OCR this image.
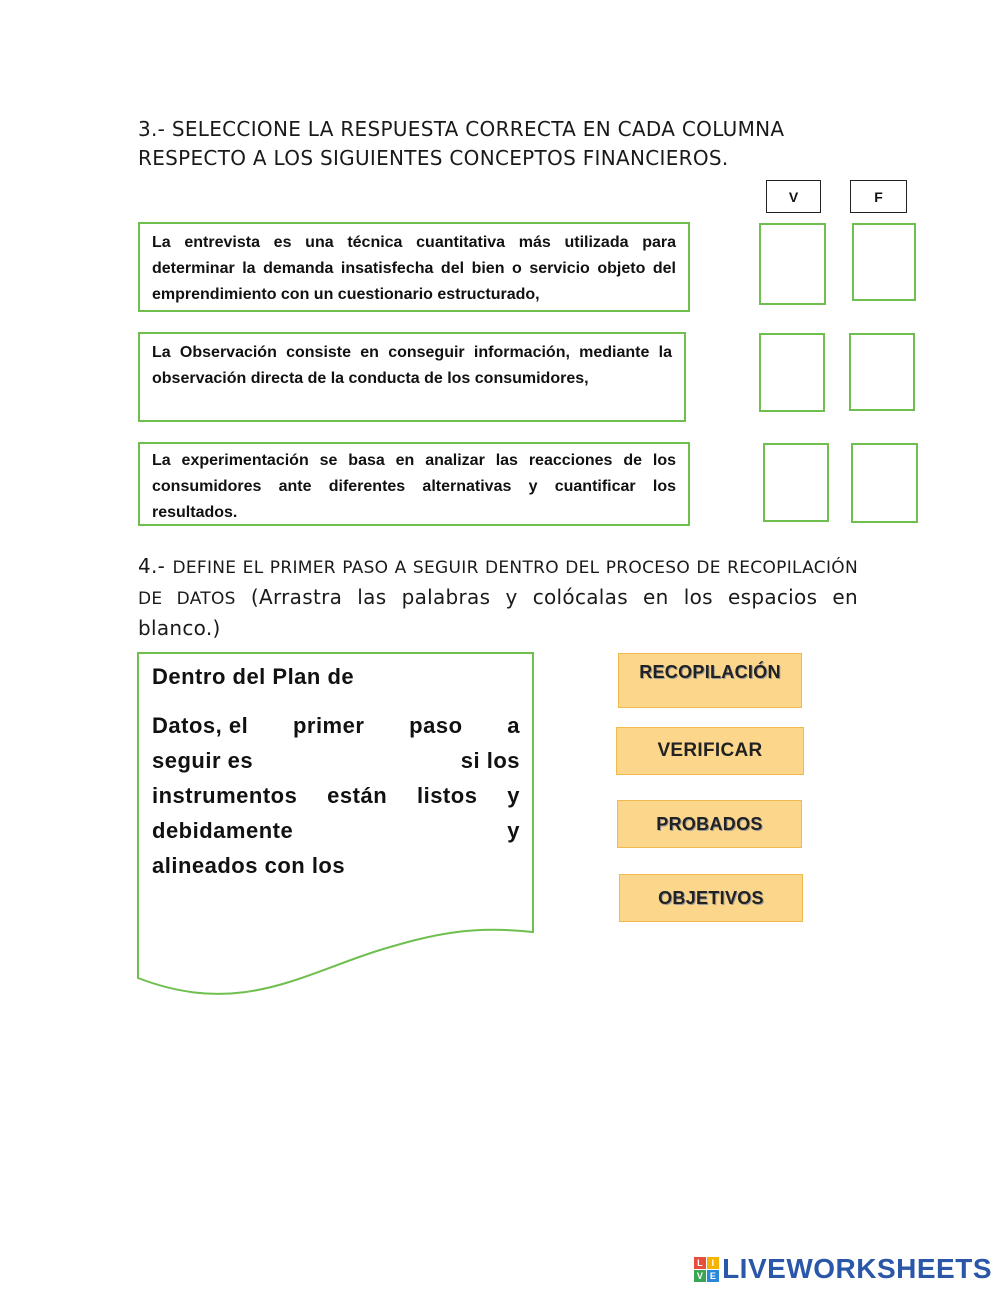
3.- SELECCIONE LA RESPUESTA CORRECTA EN CADA COLUMNA
RESPECTO A LOS SIGUIENTES CONCEPTOS FINANCIEROS.
V	F
La entrevista es una técnica cuantitativa más utilizada para determinar la demanda insatisfecha del bien o servicio objeto del emprendimiento con un cuestionario estructurado,
La Observación consiste en conseguir información, mediante la observación directa de la conducta de los consumidores,
La experimentación se basa en analizar las reacciones de los consumidores ante diferentes alternativas y cuantificar los resultados.
4.- DEFINE EL PRIMER PASO A SEGUIR DENTRO DEL PROCESO DE RECOPILACIÓN DE DATOS (Arrastra las palabras y colócalas en los espacios en blanco.)
Dentro del Plan de
Datos, el primer paso a
seguir es	si los
instrumentos están listos y
debidamente	y
alineados con los
RECOPILACIÓN
VERIFICAR
PROBADOS
OBJETIVOS
L I
V E LIVEWORKSHEETS
